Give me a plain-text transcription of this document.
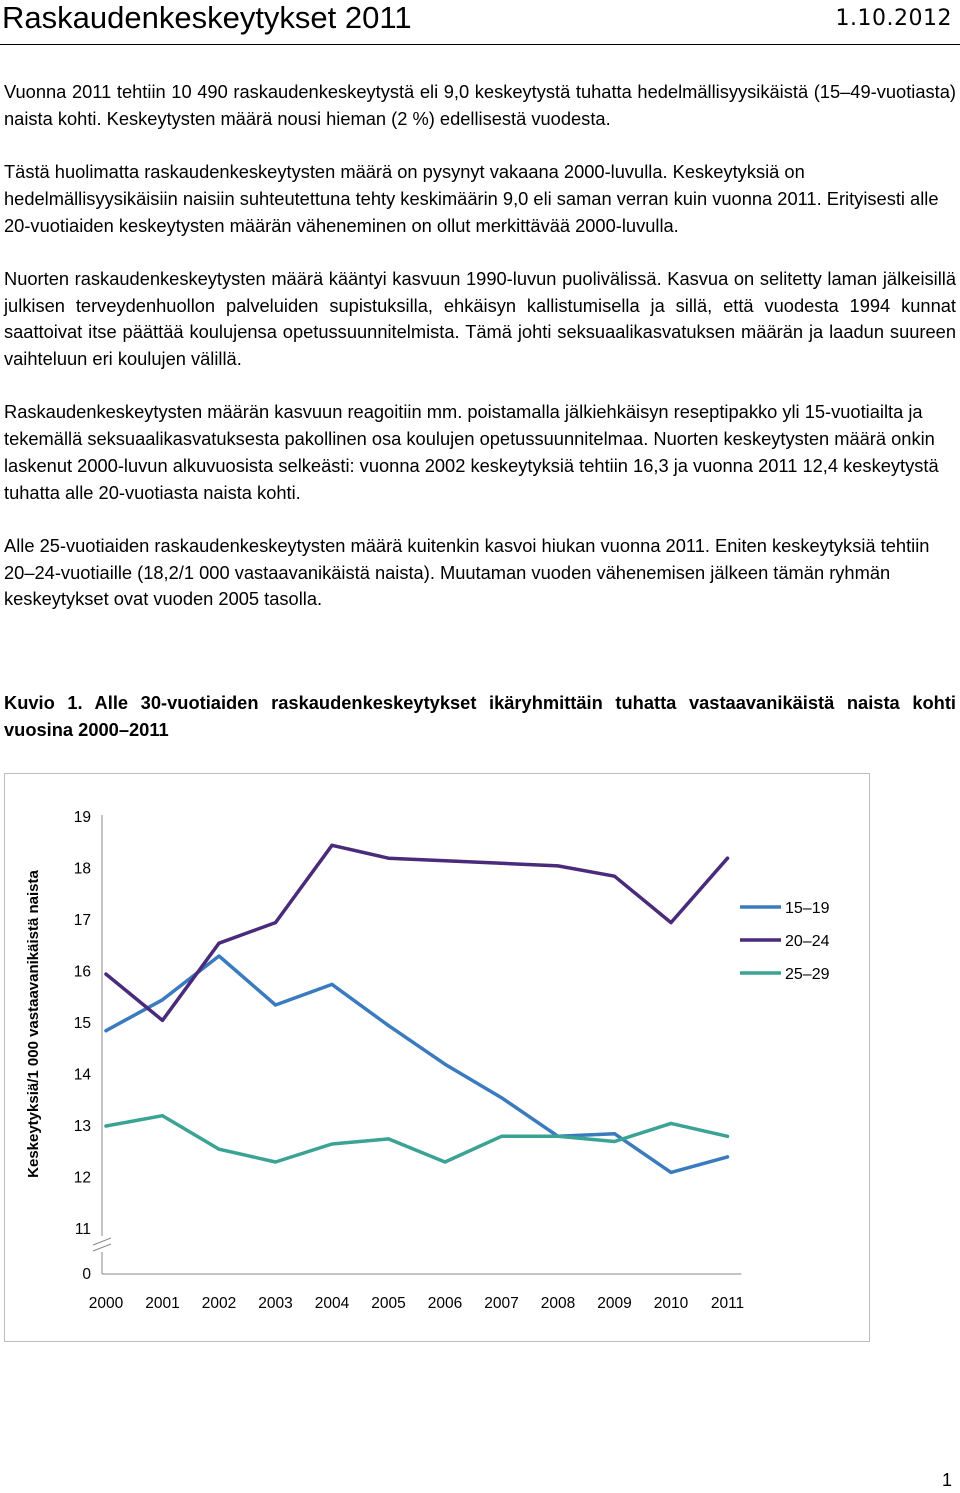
Raskaudenkeskeytykset 2011	1.10.2012

Vuonna 2011 tehtiin 10 490 raskaudenkeskeytystä eli 9,0 keskeytystä tuhatta hedelmällisyysikäistä (15–49-vuotiasta) naista kohti. Keskeytysten määrä nousi hieman (2 %) edellisestä vuodesta.

Tästä huolimatta raskaudenkeskeytysten määrä on pysynyt vakaana 2000-luvulla. Keskeytyksiä on hedelmällisyysikäisiin naisiin suhteutettuna tehty keskimäärin 9,0 eli saman verran kuin vuonna 2011. Erityisesti alle 20-vuotiaiden keskeytysten määrän väheneminen on ollut merkittävää 2000-luvulla.

Nuorten raskaudenkeskeytysten määrä kääntyi kasvuun 1990-luvun puolivälissä. Kasvua on selitetty laman jälkeisillä julkisen terveydenhuollon palveluiden supistuksilla, ehkäisyn kallistumisella ja sillä, että vuodesta 1994 kunnat saattoivat itse päättää koulujensa opetussuunnitelmista. Tämä johti seksuaalikasvatuksen määrän ja laadun suureen vaihteluun eri koulujen välillä.

Raskaudenkeskeytysten määrän kasvuun reagoitiin mm. poistamalla jälkiehkäisyn reseptipakko yli 15-vuotiailta ja tekemällä seksuaalikasvatuksesta pakollinen osa koulujen opetussuunnitelmaa. Nuorten keskeytysten määrä onkin laskenut 2000-luvun alkuvuosista selkeästi: vuonna 2002 keskeytyksiä tehtiin 16,3 ja vuonna 2011 12,4 keskeytystä tuhatta alle 20-vuotiasta naista kohti.

Alle 25-vuotiaiden raskaudenkeskeytysten määrä kuitenkin kasvoi hiukan vuonna 2011. Eniten keskeytyksiä tehtiin 20–24-vuotiaille (18,2/1 000 vastaavanikäistä naista). Muutaman vuoden vähenemisen jälkeen tämän ryhmän keskeytykset ovat vuoden 2005 tasolla.

Kuvio 1. Alle 30-vuotiaiden raskaudenkeskeytykset ikäryhmittäin tuhatta vastaavanikäistä naista kohti vuosina 2000–2011
0
11
12
13
14
15
16
17
18
19
2000 2001 2002 2003 2004 2005 2006 2007 2008 2009 2010 2011
Keskeytyksiä/1 000 vastaavanikäistä naista	15–19
20–24
25–29
1
